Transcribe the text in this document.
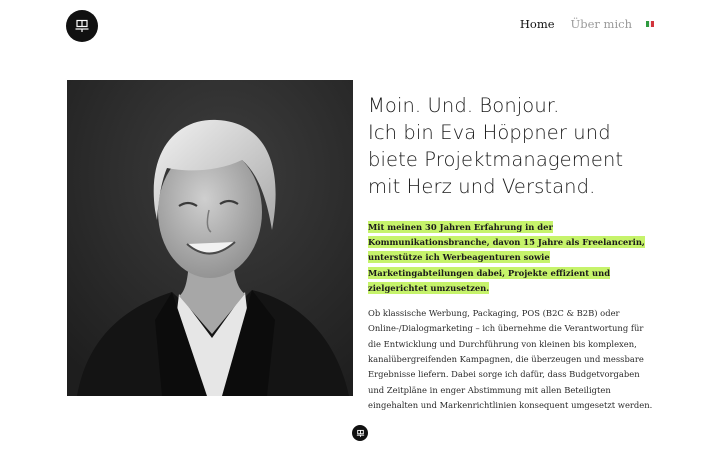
Home Über mich
Moin. Und. Bonjour.
Ich bin Eva Höppner und
biete Projektmanagement
mit Herz und Verstand.

Mit meinen 30 Jahren Erfahrung in der Kommunikationsbranche, davon 15 Jahre als Freelancerin, unterstütze ich Werbeagenturen sowie Marketingabteilungen dabei, Projekte effizient und zielgerichtet umzusetzen.

Ob klassische Werbung, Packaging, POS (B2C & B2B) oder Online-/Dialogmarketing – ich übernehme die Verantwortung für die Entwicklung und Durchführung von kleinen bis komplexen, kanalübergreifenden Kampagnen, die überzeugen und messbare Ergebnisse liefern. Dabei sorge ich dafür, dass Budgetvorgaben und Zeitpläne in enger Abstimmung mit allen Beteiligten eingehalten und Markenrichtlinien konsequent umgesetzt werden.
